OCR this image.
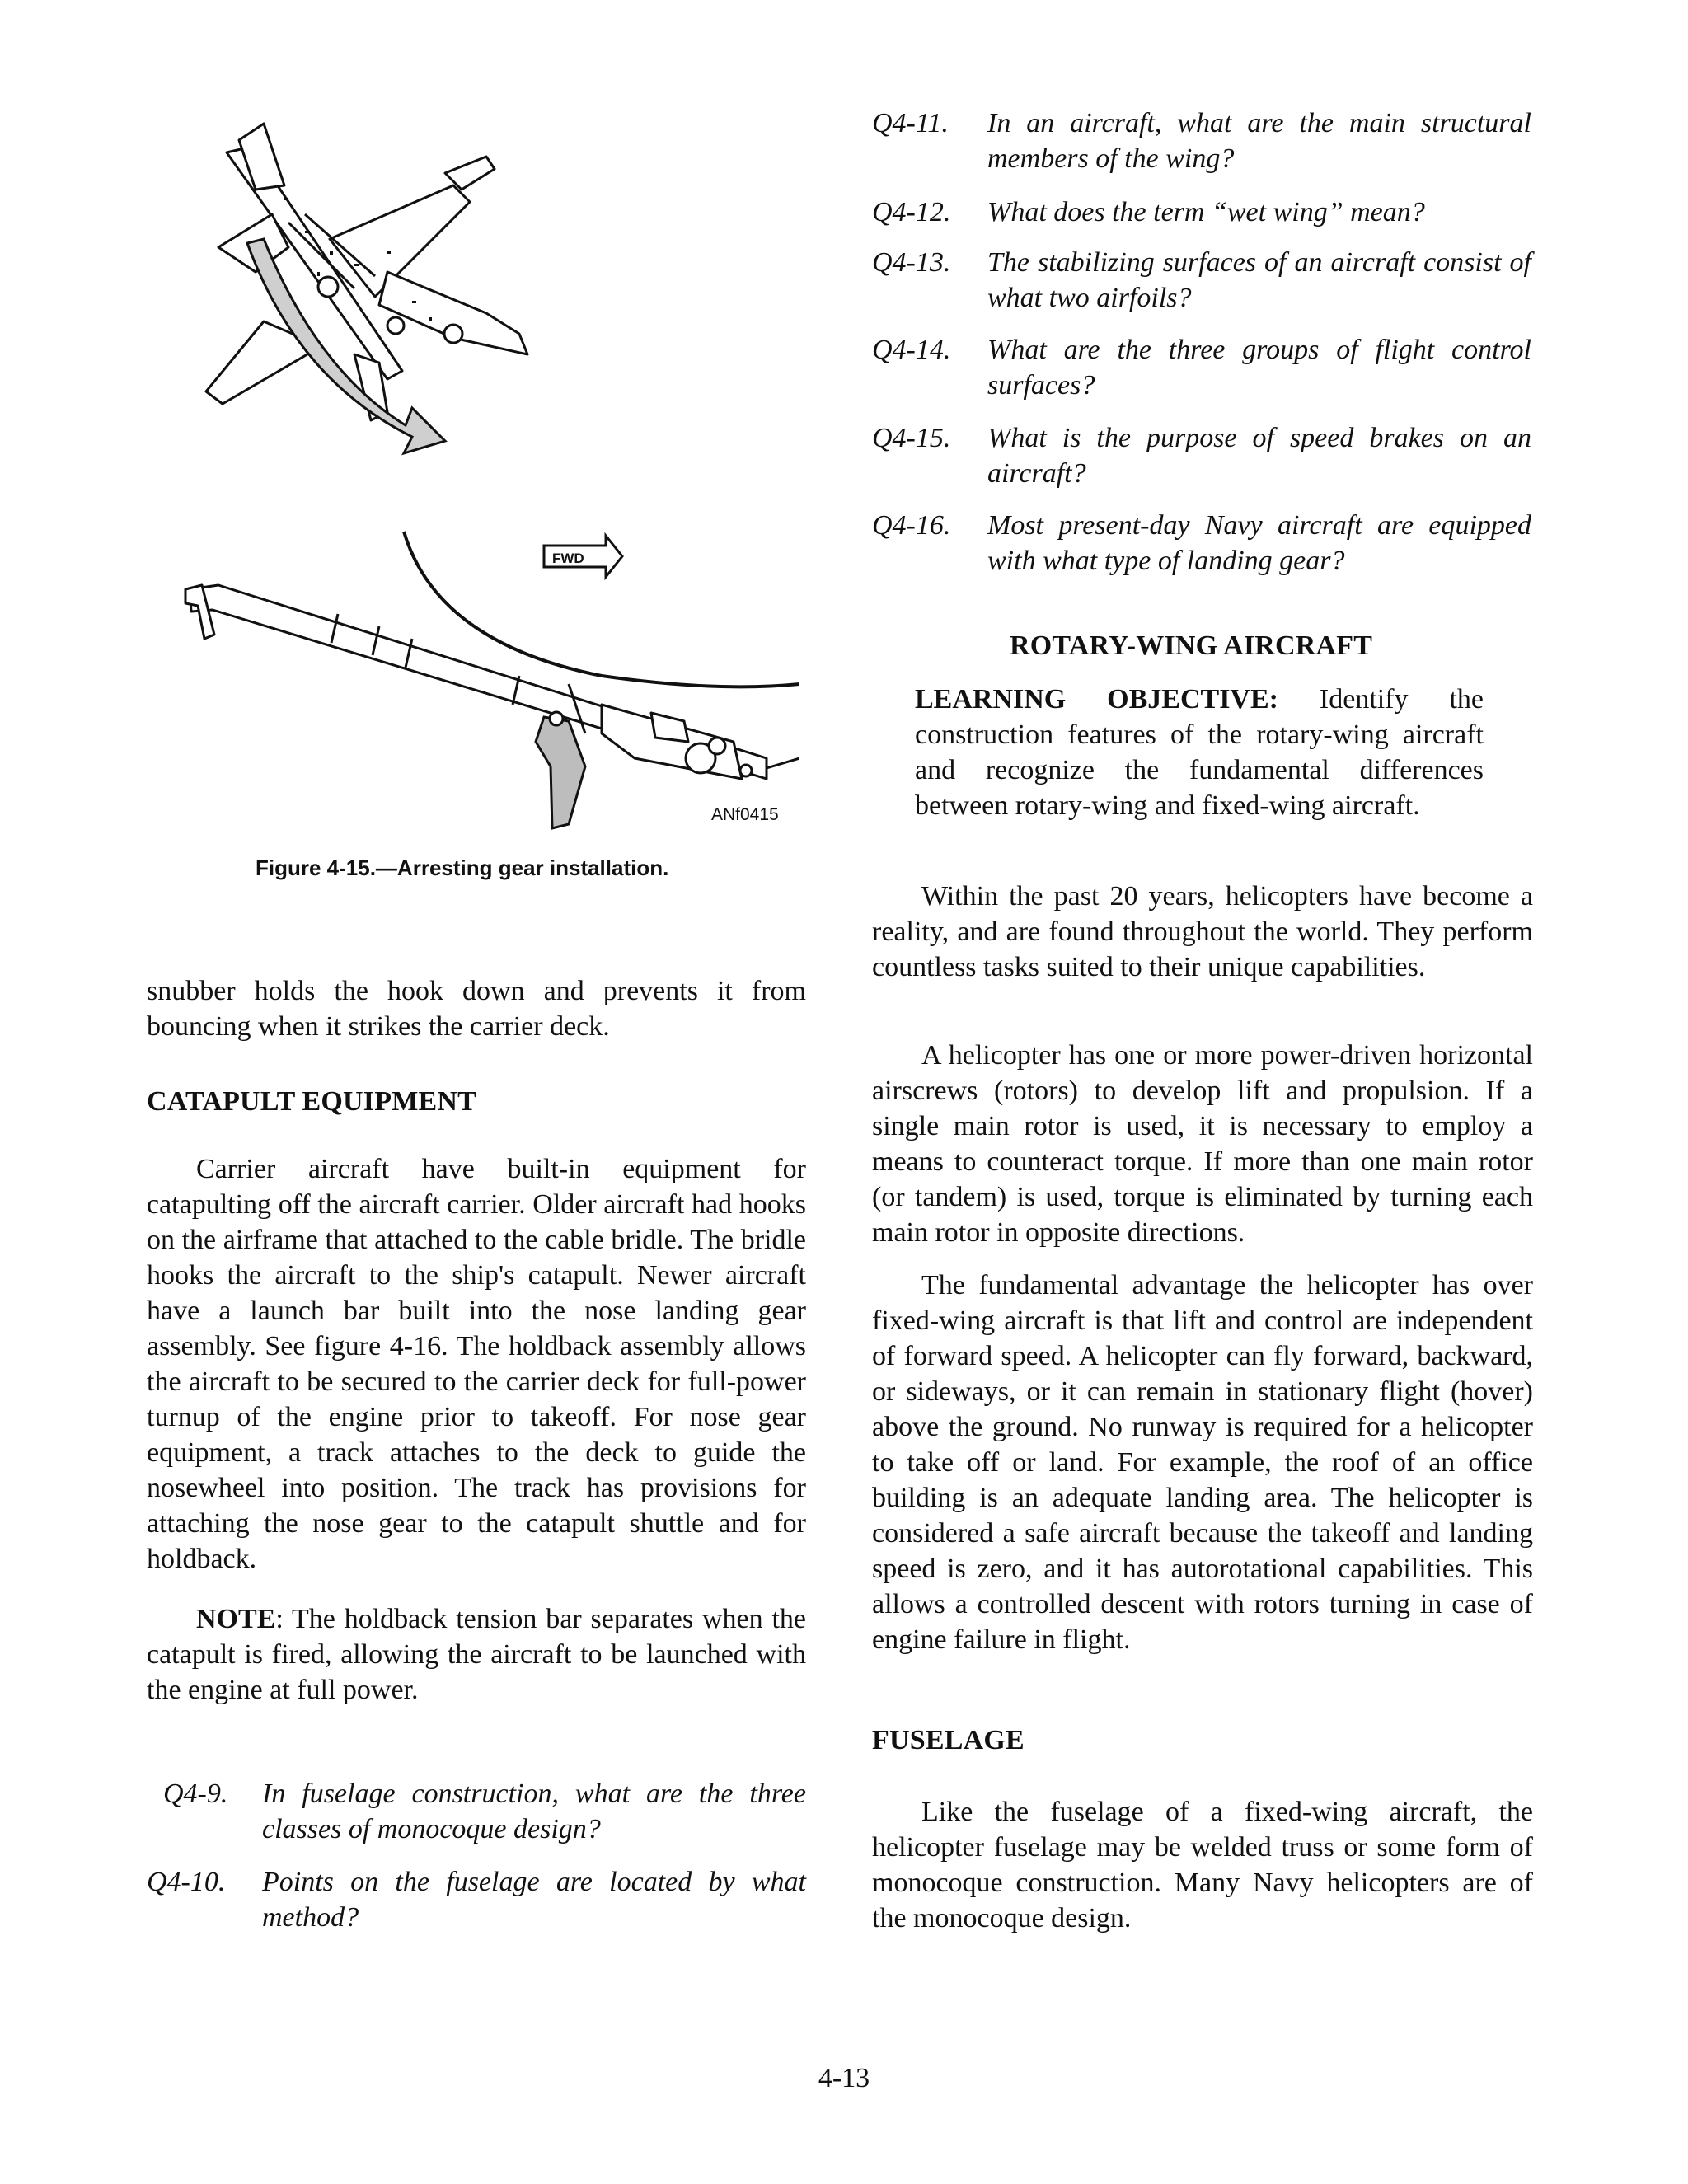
FWD
ANf0415
Figure 4-15.—Arresting gear installation.

snubber holds the hook down and prevents it from bouncing when it strikes the carrier deck.

CATAPULT EQUIPMENT

Carrier aircraft have built-in equipment for catapulting off the aircraft carrier. Older aircraft had hooks on the airframe that attached to the cable bridle. The bridle hooks the aircraft to the ship's catapult. Newer aircraft have a launch bar built into the nose landing gear assembly. See figure 4-16. The holdback assembly allows the aircraft to be secured to the carrier deck for full-power turnup of the engine prior to takeoff. For nose gear equipment, a track attaches to the deck to guide the nosewheel into position. The track has provisions for attaching the nose gear to the catapult shuttle and for holdback.

NOTE: The holdback tension bar separates when the catapult is fired, allowing the aircraft to be launched with the engine at full power.

Q4-9.	In fuselage construction, what are the three classes of monocoque design?
Q4-10.	Points on the fuselage are located by what method?
Q4-11.	In an aircraft, what are the main structural members of the wing?
Q4-12.	What does the term “wet wing” mean?
Q4-13.	The stabilizing surfaces of an aircraft consist of what two airfoils?
Q4-14.	What are the three groups of flight control surfaces?
Q4-15.	What is the purpose of speed brakes on an aircraft?
Q4-16.	Most present-day Navy aircraft are equipped with what type of landing gear?
ROTARY-WING AIRCRAFT

LEARNING OBJECTIVE: Identify the construction features of the rotary-wing aircraft and recognize the fundamental differences between rotary-wing and fixed-wing aircraft.

Within the past 20 years, helicopters have become a reality, and are found throughout the world. They perform countless tasks suited to their unique capabilities.

A helicopter has one or more power-driven horizontal airscrews (rotors) to develop lift and propulsion. If a single main rotor is used, it is necessary to employ a means to counteract torque. If more than one main rotor (or tandem) is used, torque is eliminated by turning each main rotor in opposite directions.

The fundamental advantage the helicopter has over fixed-wing aircraft is that lift and control are independent of forward speed. A helicopter can fly forward, backward, or sideways, or it can remain in stationary flight (hover) above the ground. No runway is required for a helicopter to take off or land. For example, the roof of an office building is an adequate landing area. The helicopter is considered a safe aircraft because the takeoff and landing speed is zero, and it has autorotational capabilities. This allows a controlled descent with rotors turning in case of engine failure in flight.

FUSELAGE

Like the fuselage of a fixed-wing aircraft, the helicopter fuselage may be welded truss or some form of monocoque construction. Many Navy helicopters are of the monocoque design.

4-13
